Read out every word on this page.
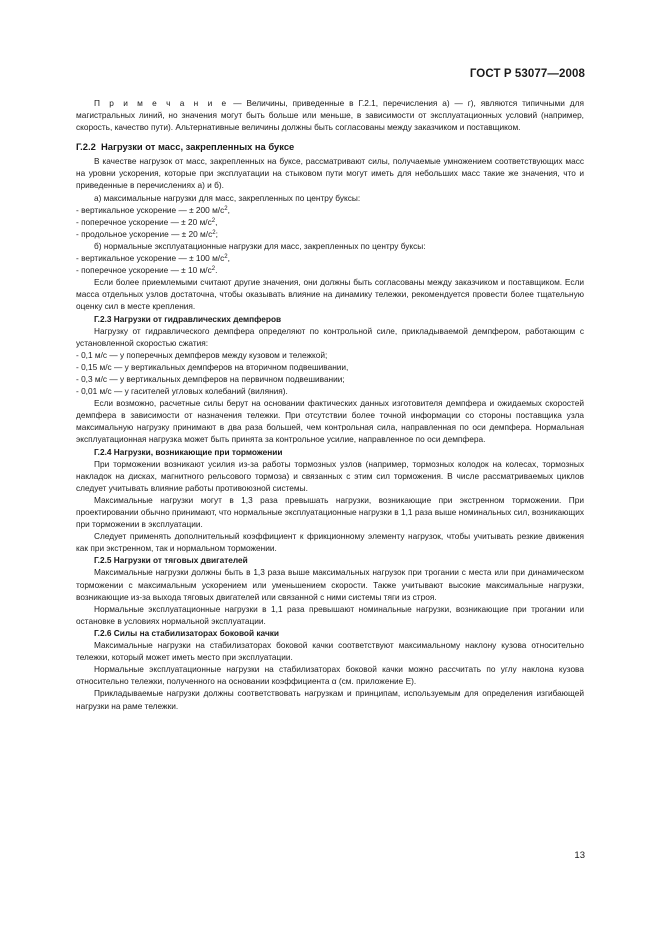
ГОСТ Р 53077—2008

П р и м е ч а н и е — Величины, приведенные в Г.2.1, перечисления а) — г), являются типичными для магистральных линий, но значения могут быть больше или меньше, в зависимости от эксплуатационных условий (например, скорость, качество пути). Альтернативные величины должны быть согласованы между заказчиком и поставщиком.

Г.2.2 Нагрузки от масс, закрепленных на буксе

В качестве нагрузок от масс, закрепленных на буксе, рассматривают силы, получаемые умножением соответствующих масс на уровни ускорения, которые при эксплуатации на стыковом пути могут иметь для небольших масс такие же значения, что и приведенные в перечислениях а) и б).

а) максимальные нагрузки для масс, закрепленных по центру буксы:

- вертикальное ускорение — ± 200 $м/с^2$,

- поперечное ускорение — ± 20 $м/с^2$,

- продольное ускорение — ± 20 $м/с^2$;

б) нормальные эксплуатационные нагрузки для масс, закрепленных по центру буксы:

- вертикальное ускорение — ± 100 $м/с^2$,

- поперечное ускорение — ± 10 $м/с^2$.

Если более приемлемыми считают другие значения, они должны быть согласованы между заказчиком и поставщиком. Если масса отдельных узлов достаточна, чтобы оказывать влияние на динамику тележки, рекомендуется провести более тщательную оценку сил в месте крепления.

Г.2.3 Нагрузки от гидравлических демпферов

Нагрузку от гидравлического демпфера определяют по контрольной силе, прикладываемой демпфером, работающим с установленной скоростью сжатия:

- 0,1 м/с — у поперечных демпферов между кузовом и тележкой;

- 0,15 м/с — у вертикальных демпферов на вторичном подвешивании,

- 0,3 м/с — у вертикальных демпферов на первичном подвешивании;

- 0,01 м/с — у гасителей угловых колебаний (виляния).

Если возможно, расчетные силы берут на основании фактических данных изготовителя демпфера и ожидаемых скоростей демпфера в зависимости от назначения тележки. При отсутствии более точной информации со стороны поставщика узла максимальную нагрузку принимают в два раза большей, чем контрольная сила, направленная по оси демпфера. Нормальная эксплуатационная нагрузка может быть принята за контрольное усилие, направленное по оси демпфера.

Г.2.4 Нагрузки, возникающие при торможении

При торможении возникают усилия из-за работы тормозных узлов (например, тормозных колодок на колесах, тормозных накладок на дисках, магнитного рельсового тормоза) и связанных с этим сил торможения. В числе рассматриваемых циклов следует учитывать влияние работы противоюзной системы.

Максимальные нагрузки могут в 1,3 раза превышать нагрузки, возникающие при экстренном торможении. При проектировании обычно принимают, что нормальные эксплуатационные нагрузки в 1,1 раза выше номинальных сил, возникающих при торможении в эксплуатации.

Следует применять дополнительный коэффициент к фрикционному элементу нагрузок, чтобы учитывать резкие движения как при экстренном, так и нормальном торможении.

Г.2.5 Нагрузки от тяговых двигателей

Максимальные нагрузки должны быть в 1,3 раза выше максимальных нагрузок при трогании с места или при динамическом торможении с максимальным ускорением или уменьшением скорости. Также учитывают высокие максимальные нагрузки, возникающие из-за выхода тяговых двигателей или связанной с ними системы тяги из строя.

Нормальные эксплуатационные нагрузки в 1,1 раза превышают номинальные нагрузки, возникающие при трогании или остановке в условиях нормальной эксплуатации.

Г.2.6 Силы на стабилизаторах боковой качки

Максимальные нагрузки на стабилизаторах боковой качки соответствуют максимальному наклону кузова относительно тележки, который может иметь место при эксплуатации.

Нормальные эксплуатационные нагрузки на стабилизаторах боковой качки можно рассчитать по углу наклона кузова относительно тележки, полученного на основании коэффициента α (см. приложение Е).

Прикладываемые нагрузки должны соответствовать нагрузкам и принципам, используемым для определения изгибающей нагрузки на раме тележки.

13
